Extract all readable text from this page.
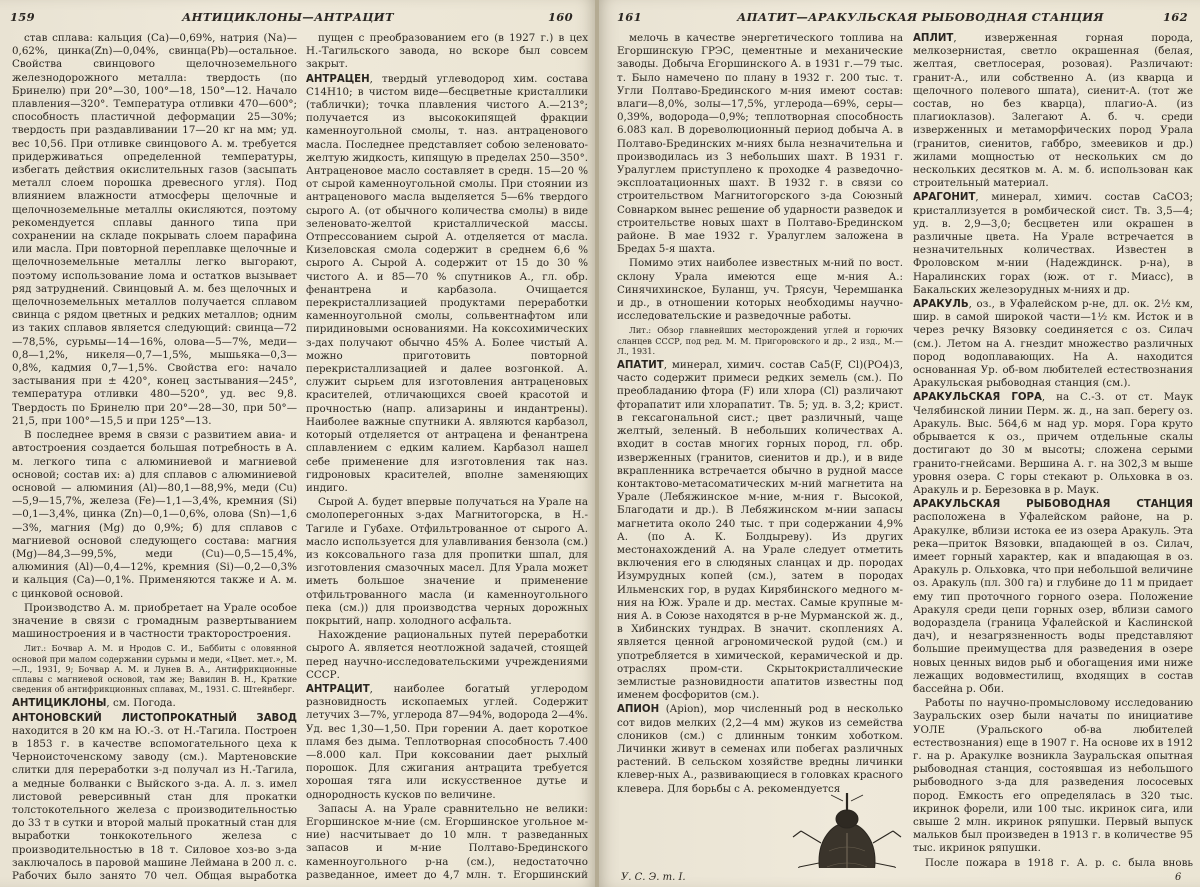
159	АНТИЦИКЛОНЫ—АНТРАЦИТ	160

став сплава: кальция (Ca)—0,69%, натрия (Na)—0,62%, цинка(Zn)—0,04%, свинца(Pb)—остальное. Свойства свинцового щелочноземельного железнодорожного металла: твердость (по Бринелю) при 20°—30, 100°—18, 150°—12. Начало плавления—320°. Температура отливки 470—600°; способность пластичной деформации 25—30%; твердость при раздавливании 17—20 кг на мм; уд. вес 10,56. При отливке свинцового А. м. требуется придерживаться определенной температуры, избегать действия окислительных газов (засыпать металл слоем порошка древесного угля). Под влиянием влажности атмосферы щелочные и щелочноземельные металлы окисляются, поэтому рекомендуется сплавы данного типа при сохранении на складе покрывать слоем парафина или масла. При повторной переплавке щелочные и щелочноземельные металлы легко выгорают, поэтому использование лома и остатков вызывает ряд затруднений. Свинцовый А. м. без щелочных и щелочноземельных металлов получается сплавом свинца с рядом цветных и редких металлов; одним из таких сплавов является следующий: свинца—72—78,5%, сурьмы—14—16%, олова—5—7%, меди—0,8—1,2%, никеля—0,7—1,5%, мышьяка—0,3—0,8%, кадмия 0,7—1,5%. Свойства его: начало застывания при ± 420°, конец застывания—245°, температура отливки 480—520°, уд. вес 9,8. Твердость по Бринелю при 20°—28—30, при 50°—21,5, при 100°—15,5 и при 125°—13.

В последнее время в связи с развитием авиа- и автостроения создается большая потребность в А. м. легкого типа с алюминиевой и магниевой основой; состав их: а) для сплавов с алюминиевой основой — алюминия (Al)—80,1—88,9%, меди (Cu)—5,9—15,7%, железа (Fe)—1,1—3,4%, кремния (Si)—0,1—3,4%, цинка (Zn)—0,1—0,6%, олова (Sn)—1,6—3%, магния (Mg) до 0,9%; б) для сплавов с магниевой основой следующего состава: магния (Mg)—84,3—99,5%, меди (Cu)—0,5—15,4%, алюминия (Al)—0,4—12%, кремния (Si)—0,2—0,3% и кальция (Ca)—0,1%. Применяются также и А. м. с цинковой основой.

Производство А. м. приобретает на Урале особое значение в связи с громадным развертыванием машиностроения и в частности тракторостроения.

Лит.: Бочвар А. М. и Нродов С. И., Баббиты с оловянной основой при малом содержании сурьмы и меди, «Цвет. мет.», М.—Л., 1931, 9; Бочвар А. М. и Лунев В. А., Антифрикционные сплавы с магниевой основой, там же; Вавилин В. Н., Краткие сведения об антифрикционных сплавах, М., 1931. С. Штейнберг.

АНТИЦИКЛОНЫ, см. Погода.

АНТОНОВСКИЙ ЛИСТОПРОКАТНЫЙ ЗАВОД находится в 20 км на Ю.-З. от Н.-Тагила. Построен в 1853 г. в качестве вспомогательного цеха к Черноисточенскому заводу (см.). Мартеновские слитки для переработки з-д получал из Н.-Тагила, а медные болванки с Выйского з-да. А. л. з. имел листовой реверсивный стан для прокатки толстокотельного железа с производительностью до 33 т в сутки и второй малый прокатный стан для выработки тонкокотельного железа с производительностью в 18 т. Силовое хоз-во з-да заключалось в паровой машине Леймана в 200 л. с. Рабочих было занято 70 чел. Общая выработка

пущен с преобразованием его (в 1927 г.) в цех Н.-Тагильского завода, но вскоре был совсем закрыт.

АНТРАЦЕН, твердый углеводород хим. состава C14H10; в чистом виде—бесцветные кристаллики (таблички); точка плавления чистого А.—213°; получается из высококипящей фракции каменноугольной смолы, т. наз. антраценового масла. Последнее представляет собою зеленовато-желтую жидкость, кипящую в пределах 250—350°. Антраценовое масло составляет в средн. 15—20 % от сырой каменноугольной смолы. При стоянии из антраценового масла выделяется 5—6% твердого сырого А. (от обычного количества смолы) в виде зеленовато-желтой кристаллической массы. Отпрессованием сырой А. отделяется от масла. Кизеловская смола содержит в среднем 6,6 % сырого А. Сырой А. содержит от 15 до 30 % чистого А. и 85—70 % спутников А., гл. обр. фенантрена и карбазола. Очищается перекристаллизацией продуктами переработки каменноугольной смолы, сольвентнафтом или пиридиновыми основаниями. На коксохимических з-дах получают обычно 45% А. Более чистый А. можно приготовить повторной перекристаллизацией и далее возгонкой. А. служит сырьем для изготовления антраценовых красителей, отличающихся своей красотой и прочностью (напр. ализарины и индантрены). Наиболее важные спутники А. являются карбазол, который отделяется от антрацена и фенантрена сплавлением с едким калием. Карбазол нашел себе применение для изготовления так наз. гидроновых красителей, вполне заменяющих индиго.

Сырой А. будет впервые получаться на Урале на смолоперегонных з-дах Магнитогорска, в Н.-Тагиле и Губахе. Отфильтрованное от сырого А. масло используется для улавливания бензола (см.) из коксовального газа для пропитки шпал, для изготовления смазочных масел. Для Урала может иметь большое значение и применение отфильтрованного масла (и каменноугольного пека (см.)) для производства черных дорожных покрытий, напр. холодного асфальта.

Нахождение рациональных путей переработки сырого А. является неотложной задачей, стоящей перед научно-исследовательскими учреждениями СССР.

АНТРАЦИТ, наиболее богатый углеродом разновидность ископаемых углей. Содержит летучих 3—7%, углерода 87—94%, водорода 2—4%. Уд. вес 1,30—1,50. При горении А. дает короткое пламя без дыма. Теплотворная способность 7.400—8.000 кал. При коксовании дает рыхлый порошок. Для сжигания антрацита требуется хорошая тяга или искусственное дутье и однородность кусков по величине.

Запасы А. на Урале сравнительно не велики: Егоршинское м-ние (см. Егоршинское угольное м-ние) насчитывает до 10 млн. т разведанных запасов и м-ние Полтаво-Брединского каменноугольного р-на (см.), недостаточно разведанное, имеет до 4,7 млн. т. Егоршинский

161	АПАТИТ—АРАКУЛЬСКАЯ РЫБОВОДНАЯ СТАНЦИЯ	162

мелочь в качестве энергетического топлива на Егоршинскую ГРЭС, цементные и механические заводы. Добыча Егоршинского А. в 1931 г.—79 тыс. т. Было намечено по плану в 1932 г. 200 тыс. т. Угли Полтаво-Брединского м-ния имеют состав: влаги—8,0%, золы—17,5%, углерода—69%, серы—0,39%, водорода—0,9%; теплотворная способность 6.083 кал. В дореволюционный период добыча А. в Полтаво-Брединских м-ниях была незначительна и производилась из 3 небольших шахт. В 1931 г. Уралуглем приступлено к проходке 4 разведочно-эксплоатационных шахт. В 1932 г. в связи со строительством Магнитогорского з-да Союзный Совнарком вынес решение об ударности разведок и строительстве новых шахт в Полтаво-Брединском районе. В мае 1932 г. Уралуглем заложена в Бредах 5-я шахта.

Помимо этих наиболее известных м-ний по вост. склону Урала имеются еще м-ния А.: Синячихинское, Буланш, уч. Трясун, Черемшанка и др., в отношении которых необходимы научно-исследовательские и разведочные работы.

Лит.: Обзор главнейших месторождений углей и горючих сланцев СССР, под ред. М. М. Пригоровского и др., 2 изд., М.—Л., 1931.

АПАТИТ, минерал, химич. состав Ca5(F, Cl)(PO4)3, часто содержит примеси редких земель (см.). По преобладанию фтора (F) или хлора (Cl) различают фторапатит или хлорапатит. Тв. 5; уд. в. 3,2; крист. в гексагональной сист.; цвет различный, чаще желтый, зеленый. В небольших количествах А. входит в состав многих горных пород, гл. обр. изверженных (гранитов, сиенитов и др.), и в виде вкрапленника встречается обычно в рудной массе контактово-метасоматических м-ний магнетита на Урале (Лебяжинское м-ние, м-ния г. Высокой, Благодати и др.). В Лебяжинском м-нии запасы магнетита около 240 тыс. т при содержании 4,9% А. (по А. К. Болдыреву). Из других местонахождений А. на Урале следует отметить включения его в слюдяных сланцах и др. породах Изумрудных копей (см.), затем в породах Ильменских гор, в рудах Кирябинского медного м-ния на Юж. Урале и др. местах. Самые крупные м-ния А. в Союзе находятся в р-не Мурманской ж. д., в Хибинских тундрах. В значит. скоплениях А. является ценной агрономической рудой (см.) и употребляется в химической, керамической и др. отраслях пром-сти. Скрытокристаллические землистые разновидности апатитов известны под именем фосфоритов (см.).

АПИОН (Apion), мор численный род в несколько сот видов мелких (2,2—4 мм) жуков из семейства слоников (см.) с длинным тонким хоботком. Личинки живут в семенах или побегах различных растений. В сельском хозяйстве вредны личинки клевер-ных А., развивающиеся в головках красного клевера. Для борьбы с А. рекомендуется

АПЛИТ, изверженная горная порода, мелкозернистая, светло окрашенная (белая, желтая, светлосерая, розовая). Различают: гранит-А., или собственно А. (из кварца и щелочного полевого шпата), сиенит-А. (тот же состав, но без кварца), плагио-А. (из плагиоклазов). Залегают А. б. ч. среди изверженных и метаморфических пород Урала (гранитов, сиенитов, габбро, змеевиков и др.) жилами мощностью от нескольких см до нескольких десятков м. А. м. б. использован как строительный материал.

АРАГОНИТ, минерал, химич. состав CaCO3; кристаллизуется в ромбической сист. Тв. 3,5—4; уд. в. 2,9—3,0; бесцветен или окрашен в различные цвета. На Урале встречается в незначительных количествах. Известен в Фроловском м-нии (Надеждинск. р-на), в Наралинских горах (юж. от г. Миасс), в Бакальских железорудных м-ниях и др.

АРАКУЛЬ, оз., в Уфалейском р-не, дл. ок. 2½ км, шир. в самой широкой части—1½ км. Исток и в через речку Вязовку соединяется с оз. Силач (см.). Летом на А. гнездит множество различных пород водоплавающих. На А. находится основанная Ур. об-вом любителей естествознания Аракульская рыбоводная станция (см.).

АРАКУЛЬСКАЯ ГОРА, на С.-З. от ст. Маук Челябинской линии Перм. ж. д., на зап. берегу оз. Аракуль. Выс. 564,6 м над ур. моря. Гора круто обрывается к оз., причем отдельные скалы достигают до 30 м высоты; сложена серыми гранито-гнейсами. Вершина А. г. на 302,3 м выше уровня озера. С горы стекают р. Ольховка в оз. Аракуль и р. Березовка в р. Маук.

АРАКУЛЬСКАЯ РЫБОВОДНАЯ СТАНЦИЯ расположена в Уфалейском районе, на р. Аракулке, вблизи истока ее из озера Аракуль. Эта река—приток Вязовки, впадающей в оз. Силач, имеет горный характер, как и впадающая в оз. Аракуль р. Ольховка, что при небольшой величине оз. Аракуль (пл. 300 га) и глубине до 11 м придает ему тип проточного горного озера. Положение Аракуля среди цепи горных озер, вблизи самого водораздела (граница Уфалейской и Каслинской дач), и незагрязненность воды представляют большие преимущества для разведения в озере новых ценных видов рыб и обогащения ими ниже лежащих водовместилищ, входящих в состав бассейна р. Оби.

Работы по научно-промысловому исследованию Зауральских озер были начаты по инициативе УОЛЕ (Уральского об-ва любителей естествознания) еще в 1907 г. На основе их в 1912 г. на р. Аракулке возникла Зауральская опытная рыбоводная станция, состоявшая из небольшого рыбоводного з-да для разведения лососевых пород. Емкость его определялась в 320 тыс. икринок форели, или 100 тыс. икринок сига, или свыше 2 млн. икринок ряпушки. Первый выпуск мальков был произведен в 1913 г. в количестве 95 тыс. икринок ряпушки.

После пожара в 1918 г. А. р. с. была вновь

У. С. Э. т. I.	6
